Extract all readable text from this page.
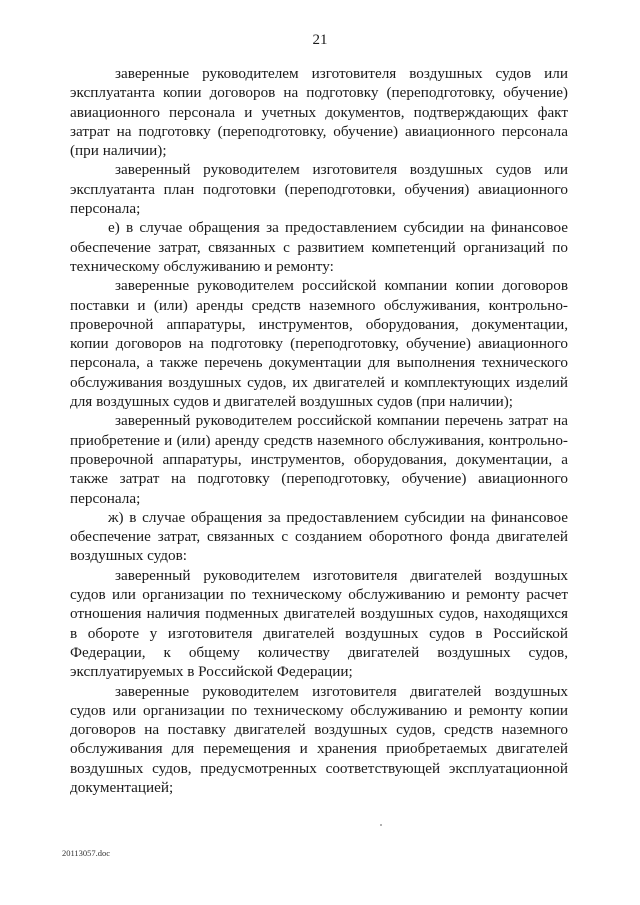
21

заверенные руководителем изготовителя воздушных судов или эксплуатанта копии договоров на подготовку (переподготовку, обучение) авиационного персонала и учетных документов, подтверждающих факт затрат на подготовку (переподготовку, обучение) авиационного персонала (при наличии);

заверенный руководителем изготовителя воздушных судов или эксплуатанта план подготовки (переподготовки, обучения) авиационного персонала;

е) в случае обращения за предоставлением субсидии на финансовое обеспечение затрат, связанных с развитием компетенций организаций по техническому обслуживанию и ремонту:

заверенные руководителем российской компании копии договоров поставки и (или) аренды средств наземного обслуживания, контрольно-проверочной аппаратуры, инструментов, оборудования, документации, копии договоров на подготовку (переподготовку, обучение) авиационного персонала, а также перечень документации для выполнения технического обслуживания воздушных судов, их двигателей и комплектующих изделий для воздушных судов и двигателей воздушных судов (при наличии);

заверенный руководителем российской компании перечень затрат на приобретение и (или) аренду средств наземного обслуживания, контрольно-проверочной аппаратуры, инструментов, оборудования, документации, а также затрат на подготовку (переподготовку, обучение) авиационного персонала;

ж) в случае обращения за предоставлением субсидии на финансовое обеспечение затрат, связанных с созданием оборотного фонда двигателей воздушных судов:

заверенный руководителем изготовителя двигателей воздушных судов или организации по техническому обслуживанию и ремонту расчет отношения наличия подменных двигателей воздушных судов, находящихся в обороте у изготовителя двигателей воздушных судов в Российской Федерации, к общему количеству двигателей воздушных судов, эксплуатируемых в Российской Федерации;

заверенные руководителем изготовителя двигателей воздушных судов или организации по техническому обслуживанию и ремонту копии договоров на поставку двигателей воздушных судов, средств наземного обслуживания для перемещения и хранения приобретаемых двигателей воздушных судов, предусмотренных соответствующей эксплуатационной документацией;

20113057.doc
